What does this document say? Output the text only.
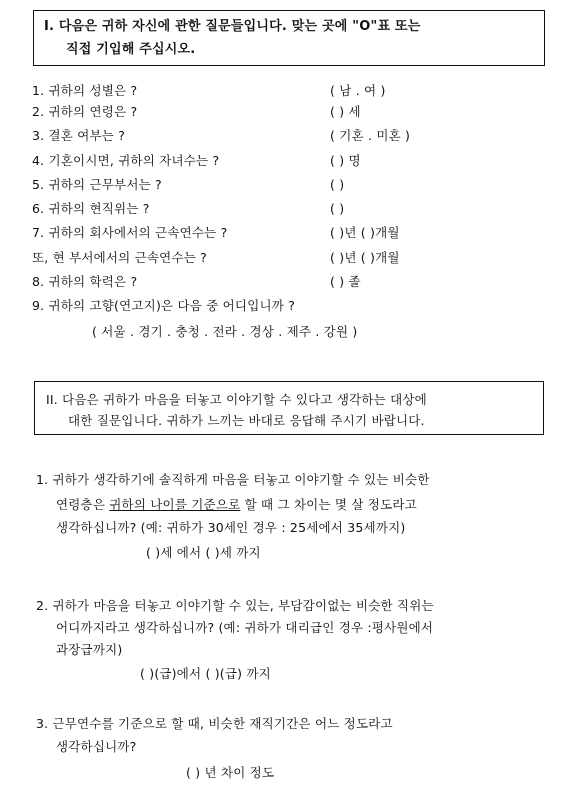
I. 다음은 귀하 자신에 관한 질문들입니다. 맞는 곳에 "O"표 또는
직접 기입해 주십시오.
1. 귀하의 성별은 ?	( 남 . 여 )
2. 귀하의 연령은 ?	( ) 세
3. 결혼 여부는 ?	( 기혼 . 미혼 )
4. 기혼이시면, 귀하의 자녀수는 ?	( ) 명
5. 귀하의 근무부서는 ?	( )
6. 귀하의 현직위는 ?	( )
7. 귀하의 회사에서의 근속연수는 ?	( )년 ( )개월
또, 현 부서에서의 근속연수는 ?	( )년 ( )개월
8. 귀하의 학력은 ?	( ) 졸
9. 귀하의 고향(연고지)은 다음 중 어디입니까 ?
( 서울 . 경기 . 충청 . 전라 . 경상 . 제주 . 강원 )
II. 다음은 귀하가 마음을 터놓고 이야기할 수 있다고 생각하는 대상에
대한 질문입니다. 귀하가 느끼는 바대로 응답해 주시기 바랍니다.
1. 귀하가 생각하기에 솔직하게 마음을 터놓고 이야기할 수 있는 비슷한
연령층은 귀하의 나이를 기준으로 할 때 그 차이는 몇 살 정도라고
생각하십니까? (예: 귀하가 30세인 경우 : 25세에서 35세까지)
( )세 에서 ( )세 까지
2. 귀하가 마음을 터놓고 이야기할 수 있는, 부담감이없는 비슷한 직위는
어디까지라고 생각하십니까? (예: 귀하가 대리급인 경우 :평사원에서
과장급까지)
( )(급)에서 ( )(급) 까지
3. 근무연수를 기준으로 할 때, 비슷한 재직기간은 어느 정도라고
생각하십니까?
( ) 년 차이 정도
